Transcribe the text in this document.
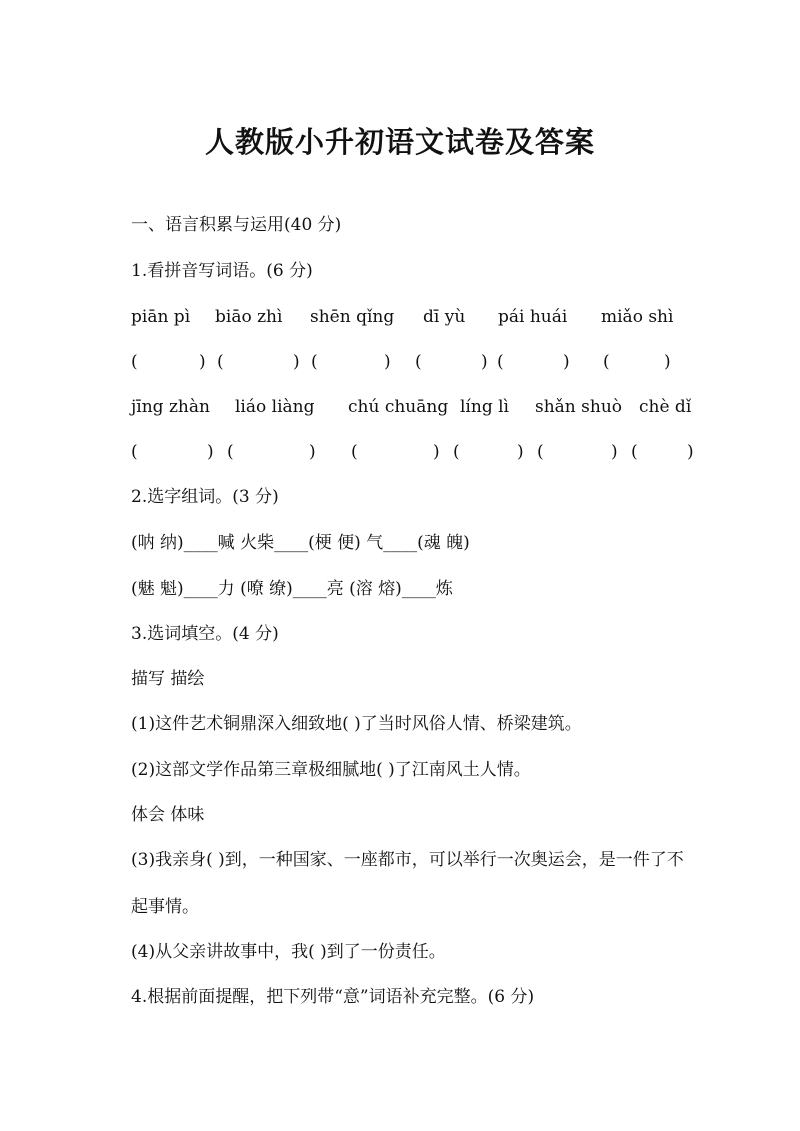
人教版小升初语文试卷及答案
一、语言积累与运用(40 分)
1.看拼音写词语。(6 分)
piān pì biāo zhì shēn qǐng dī yù pái huái miǎo shì
(	) (	) (	) (	) (	) (	)
jīng zhàn liáo liàng chú chuāng líng lì shǎn shuò chè dǐ
(	) (	) (	) (	) (	) (	)
2.选字组词。(3 分)
(呐 纳)____喊 火柴____(梗 便) 气____(魂 魄)
(魅 魁)____力 (嘹 缭)____亮 (溶 熔)____炼
3.选词填空。(4 分)
描写 描绘
(1)这件艺术铜鼎深入细致地( )了当时风俗人情、桥梁建筑。
(2)这部文学作品第三章极细腻地( )了江南风土人情。
体会 体味
(3)我亲身( )到，一种国家、一座都市，可以举行一次奥运会，是一件了不起事情。
(4)从父亲讲故事中，我( )到了一份责任。
4.根据前面提醒，把下列带“意”词语补充完整。(6 分)
